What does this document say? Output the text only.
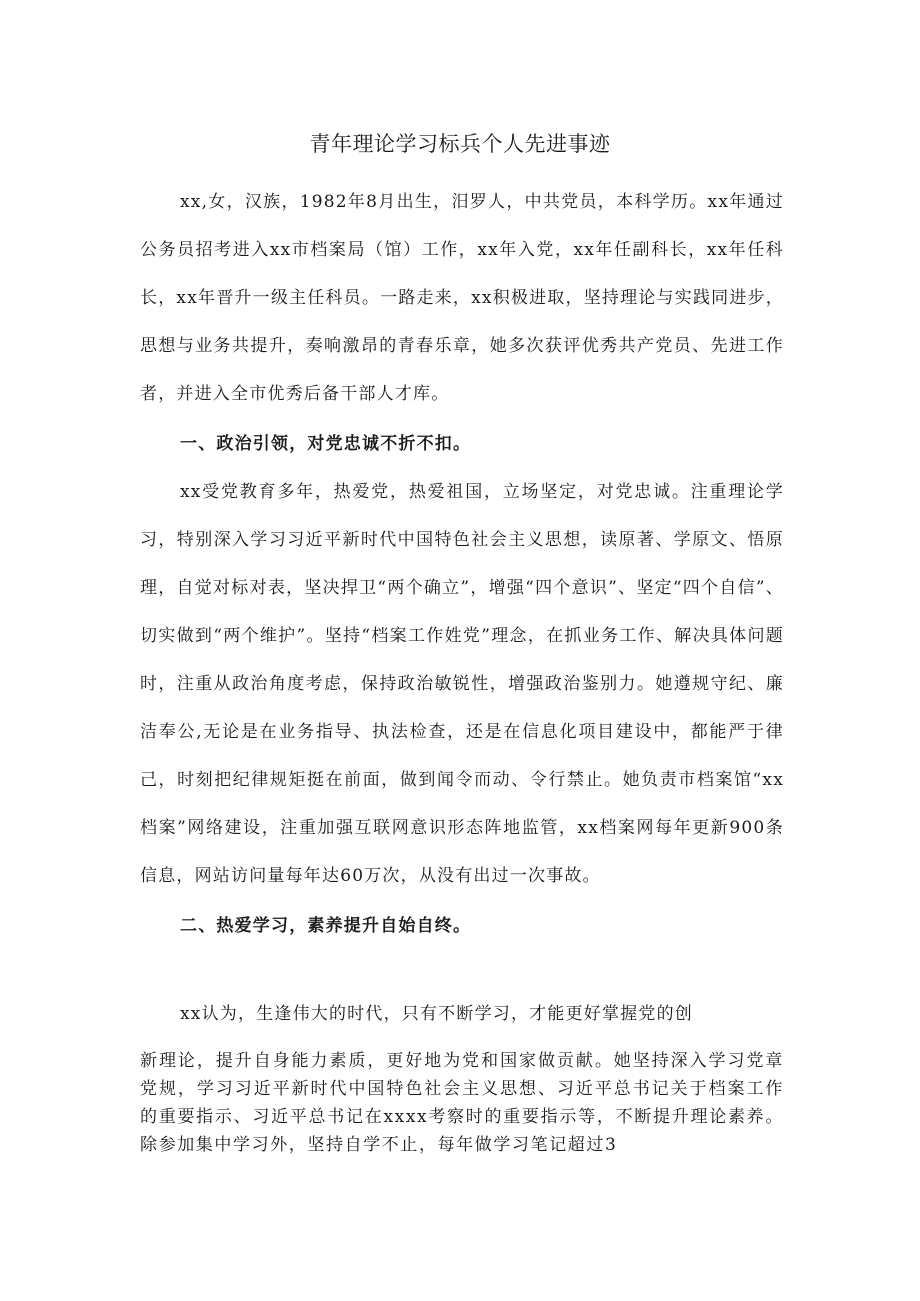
青年理论学习标兵个人先进事迹

xx,女，汉族，1982年8月出生，汨罗人，中共党员，本科学历。xx年通过公务员招考进入xx市档案局（馆）工作，xx年入党，xx年任副科长，xx年任科长，xx年晋升一级主任科员。一路走来，xx积极进取，坚持理论与实践同进步，思想与业务共提升，奏响激昂的青春乐章，她多次获评优秀共产党员、先进工作者，并进入全市优秀后备干部人才库。

一、政治引领，对党忠诚不折不扣。

xx受党教育多年，热爱党，热爱祖国，立场坚定，对党忠诚。注重理论学习，特别深入学习习近平新时代中国特色社会主义思想，读原著、学原文、悟原理，自觉对标对表，坚决捍卫“两个确立”，增强“四个意识”、坚定“四个自信”、切实做到“两个维护”。坚持“档案工作姓党”理念，在抓业务工作、解决具体问题时，注重从政治角度考虑，保持政治敏锐性，增强政治鉴别力。她遵规守纪、廉洁奉公,无论是在业务指导、执法检查，还是在信息化项目建设中，都能严于律己，时刻把纪律规矩挺在前面，做到闻令而动、令行禁止。她负责市档案馆“xx档案”网络建设，注重加强互联网意识形态阵地监管，xx档案网每年更新900条信息，网站访问量每年达60万次，从没有出过一次事故。

二、热爱学习，素养提升自始自终。

xx认为，生逢伟大的时代，只有不断学习，才能更好掌握党的创

新理论，提升自身能力素质，更好地为党和国家做贡献。她坚持深入学习党章党规，学习习近平新时代中国特色社会主义思想、习近平总书记关于档案工作的重要指示、习近平总书记在xxxx考察时的重要指示等，不断提升理论素养。除参加集中学习外，坚持自学不止，每年做学习笔记超过3
